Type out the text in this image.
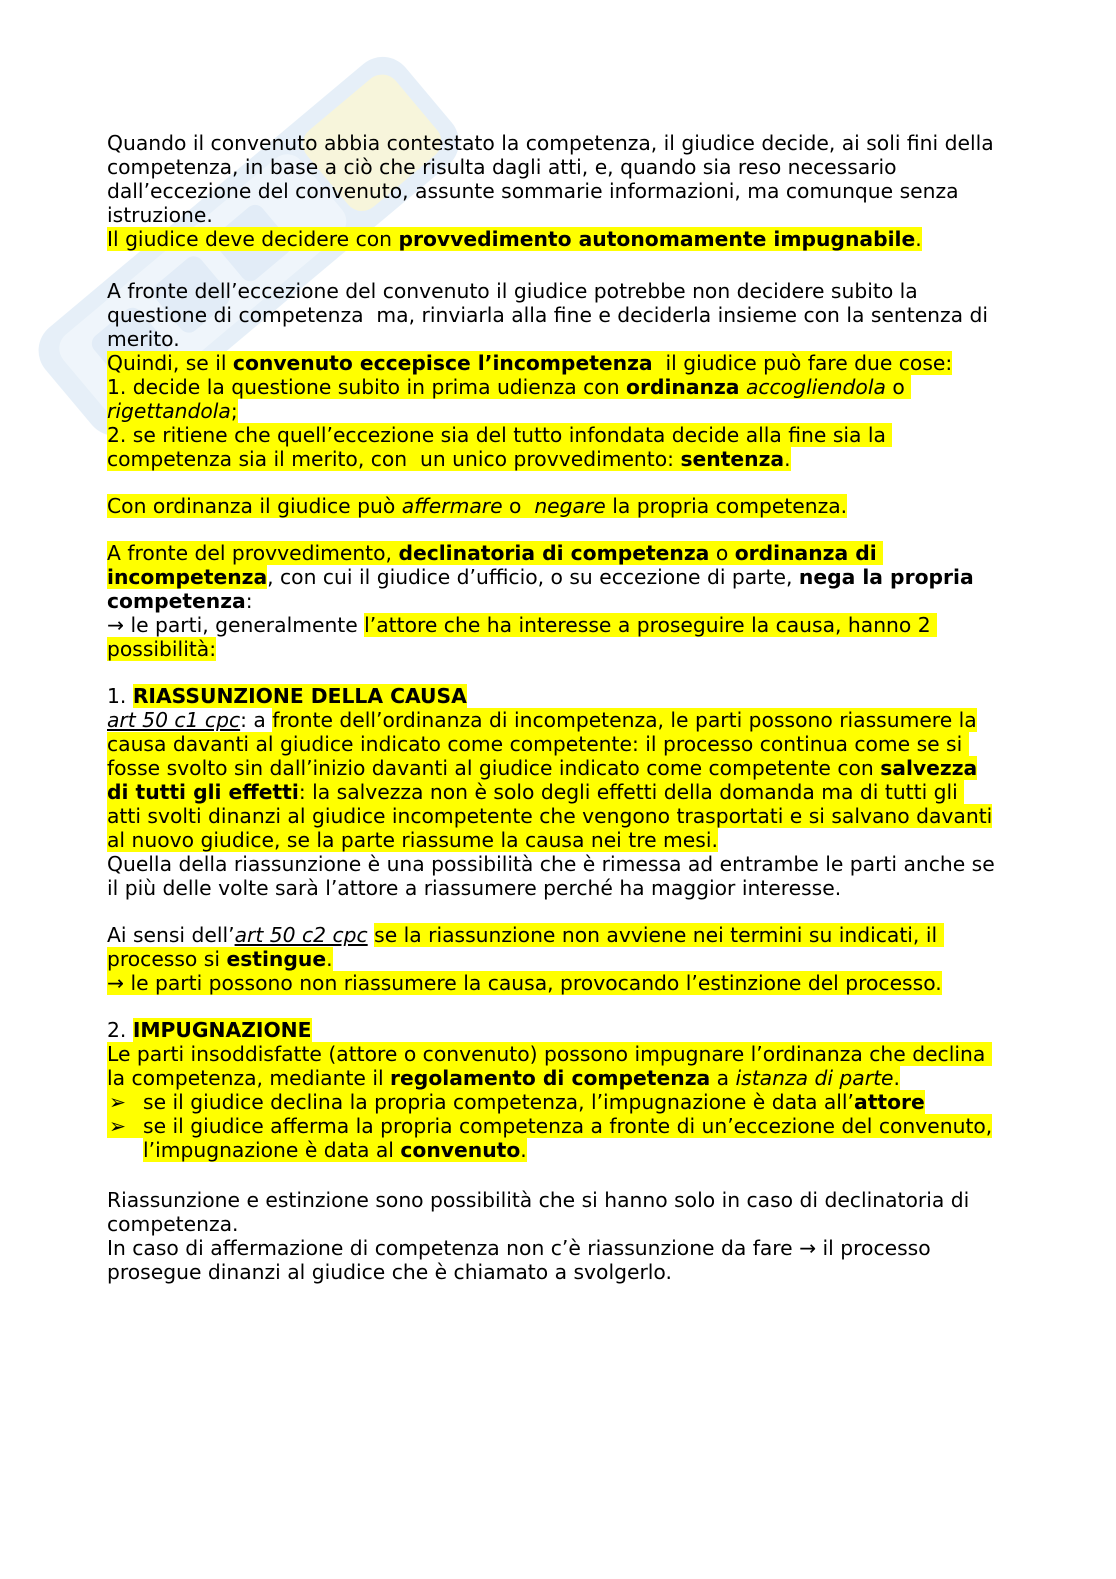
Quando il convenuto abbia contestato la competenza, il giudice decide, ai soli fini della
competenza, in base a ciò che risulta dagli atti, e, quando sia reso necessario
dall’eccezione del convenuto, assunte sommarie informazioni, ma comunque senza
istruzione.
Il giudice deve decidere con provvedimento autonomamente impugnabile.
A fronte dell’eccezione del convenuto il giudice potrebbe non decidere subito la
questione di competenza  ma, rinviarla alla fine e deciderla insieme con la sentenza di
merito.
Quindi, se il convenuto eccepisce l’incompetenza  il giudice può fare due cose:
1. decide la questione subito in prima udienza con ordinanza accogliendola o
rigettandola;
2. se ritiene che quell’eccezione sia del tutto infondata decide alla fine sia la
competenza sia il merito, con  un unico provvedimento: sentenza.
Con ordinanza il giudice può affermare o  negare la propria competenza.
A fronte del provvedimento, declinatoria di competenza o ordinanza di
incompetenza, con cui il giudice d’ufficio, o su eccezione di parte, nega la propria
competenza:
→ le parti, generalmente l’attore che ha interesse a proseguire la causa, hanno 2
possibilità:
1. RIASSUNZIONE DELLA CAUSA
art 50 c1 cpc: a fronte dell’ordinanza di incompetenza, le parti possono riassumere la
causa davanti al giudice indicato come competente: il processo continua come se si
fosse svolto sin dall’inizio davanti al giudice indicato come competente con salvezza
di tutti gli effetti: la salvezza non è solo degli effetti della domanda ma di tutti gli
atti svolti dinanzi al giudice incompetente che vengono trasportati e si salvano davanti
al nuovo giudice, se la parte riassume la causa nei tre mesi.
Quella della riassunzione è una possibilità che è rimessa ad entrambe le parti anche se
il più delle volte sarà l’attore a riassumere perché ha maggior interesse.
Ai sensi dell’art 50 c2 cpc se la riassunzione non avviene nei termini su indicati, il
processo si estingue.
→ le parti possono non riassumere la causa, provocando l’estinzione del processo.
2. IMPUGNAZIONE
Le parti insoddisfatte (attore o convenuto) possono impugnare l’ordinanza che declina
la competenza, mediante il regolamento di competenza a istanza di parte.
➢ se il giudice declina la propria competenza, l’impugnazione è data all’attore
➢ se il giudice afferma la propria competenza a fronte di un’eccezione del convenuto,
l’impugnazione è data al convenuto.
Riassunzione e estinzione sono possibilità che si hanno solo in caso di declinatoria di
competenza.
In caso di affermazione di competenza non c’è riassunzione da fare → il processo
prosegue dinanzi al giudice che è chiamato a svolgerlo.
